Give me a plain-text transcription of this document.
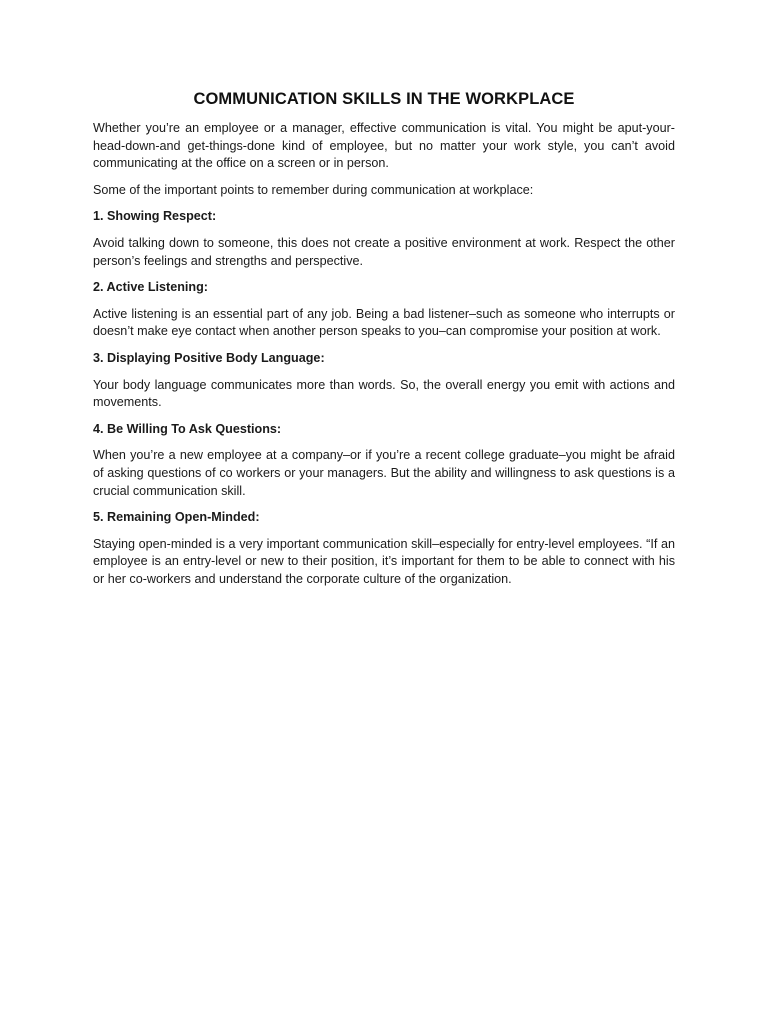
COMMUNICATION SKILLS IN THE WORKPLACE

Whether you’re an employee or a manager, effective communication is vital. You might be aput-your-head-down-and get-things-done kind of employee, but no matter your work style, you can’t avoid communicating at the office on a screen or in person.

Some of the important points to remember during communication at workplace:

1. Showing Respect:

Avoid talking down to someone, this does not create a positive environment at work. Respect the other person’s feelings and strengths and perspective.

2. Active Listening:

Active listening is an essential part of any job. Being a bad listener–such as someone who interrupts or doesn’t make eye contact when another person speaks to you–can compromise your position at work.

3. Displaying Positive Body Language:

Your body language communicates more than words. So, the overall energy you emit with actions and movements.

4. Be Willing To Ask Questions:

When you’re a new employee at a company–or if you’re a recent college graduate–you might be afraid of asking questions of co workers or your managers. But the ability and willingness to ask questions is a crucial communication skill.

5. Remaining Open-Minded:

Staying open-minded is a very important communication skill–especially for entry-level employees. “If an employee is an entry-level or new to their position, it’s important for them to be able to connect with his or her co-workers and understand the corporate culture of the organization.
